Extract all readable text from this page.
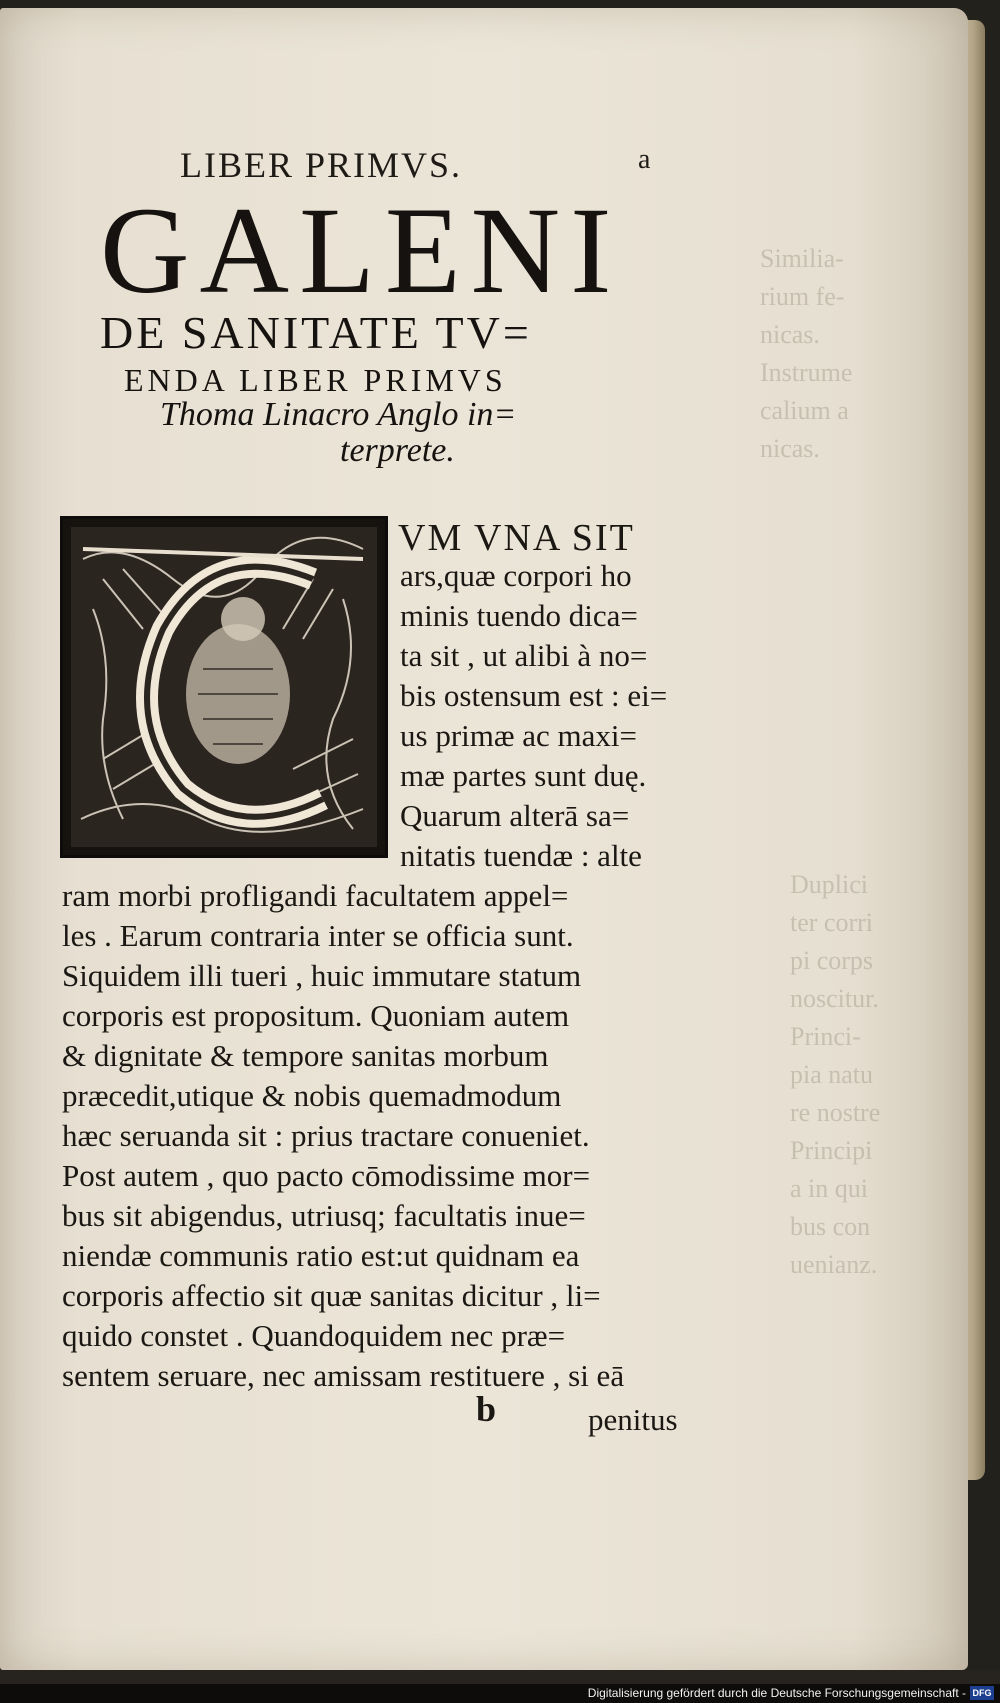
Similia-
rium fe-
nicas.
Instrume
calium a
nicas.
Duplici
ter corri
pi corps
noscitur.
Princi-
pia natu
re nostre
Principi
a in qui
bus con
uenianz.
LIBER PRIMVS.	a
GALENI
DE SANITATE TV=
ENDA LIBER PRIMVS
Thoma Linacro Anglo in=
terprete.
VM VNA SIT
ars,quæ corpori ho
minis tuendo dica=
ta sit , ut alibi à no=
bis ostensum est : ei=
us primæ ac maxi=
mæ partes sunt duę.
Quarum alterā sa=
nitatis tuendæ : alte
ram morbi profligandi facultatem appel=
les . Earum contraria inter se officia sunt.
Siquidem illi tueri , huic immutare statum
corporis est propositum. Quoniam autem
& dignitate & tempore sanitas morbum
præcedit,utique & nobis quemadmodum
hæc seruanda sit : prius tractare conueniet.
Post autem , quo pacto cōmodissime mor=
bus sit abigendus, utriusq; facultatis inue=
niendæ communis ratio est:ut quidnam ea
corporis affectio sit quæ sanitas dicitur , li=
quido constet . Quandoquidem nec præ=
sentem seruare, nec amissam restituere , si eā
b	penitus
Digitalisierung gefördert durch die Deutsche Forschungsgemeinschaft - DFG
